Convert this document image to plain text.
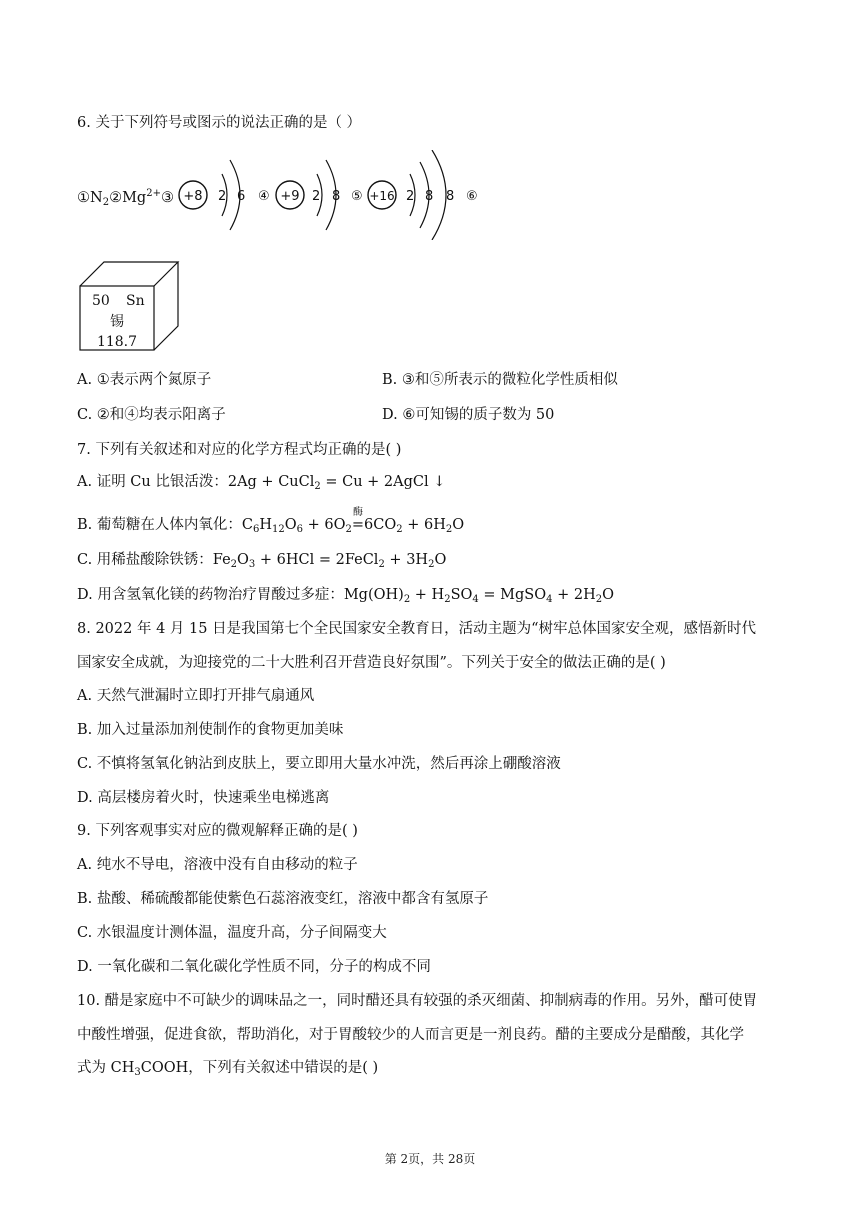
6. 关于下列符号或图示的说法正确的是（ ）
$①N_2②Mg^{2+}③ +8$ 2 6 ④ +9 2 8 ⑤ +16 2 8 8 ⑥
50 Sn
锡
118.7
A. ①表示两个氮原子	B. ③和⑤所表示的微粒化学性质相似
C. ②和④均表示阳离子	D. ⑥可知锡的质子数为 50
7. 下列有关叙述和对应的化学方程式均正确的是( )
A. 证明 Cu 比银活泼：2Ag + CuCl$_2$ = Cu + 2AgCl ↓
B. 葡萄糖在人体内氧化：$C_6H_{12}O_6 + 6O_2=$
酶
$6CO_2 + 6H_2O$
C. 用稀盐酸除铁锈：$Fe_2O_3 + 6HCl$ = 2FeCl$_2$ + $3H_2O$
D. 用含氢氧化镁的药物治疗胃酸过多症：$Mg(OH)_2 + H_2SO_4$ = MgSO$_4$ + $2H_2O$
8. 2022 年 4 月 15 日是我国第七个全民国家安全教育日，活动主题为“树牢总体国家安全观，感悟新时代
国家安全成就，为迎接党的二十大胜利召开营造良好氛围”。下列关于安全的做法正确的是( )
A. 天然气泄漏时立即打开排气扇通风
B. 加入过量添加剂使制作的食物更加美味
C. 不慎将氢氧化钠沾到皮肤上，要立即用大量水冲洗，然后再涂上硼酸溶液
D. 高层楼房着火时，快速乘坐电梯逃离
9. 下列客观事实对应的微观解释正确的是( )
A. 纯水不导电，溶液中没有自由移动的粒子
B. 盐酸、稀硫酸都能使紫色石蕊溶液变红，溶液中都含有氢原子
C. 水银温度计测体温，温度升高，分子间隔变大
D. 一氧化碳和二氧化碳化学性质不同，分子的构成不同
10. 醋是家庭中不可缺少的调味品之一，同时醋还具有较强的杀灭细菌、抑制病毒的作用。另外，醋可使胃
中酸性增强，促进食欲，帮助消化，对于胃酸较少的人而言更是一剂良药。醋的主要成分是醋酸，其化学
式为 $CH_3COOH$，下列有关叙述中错误的是( )
第 2页，共 28页
